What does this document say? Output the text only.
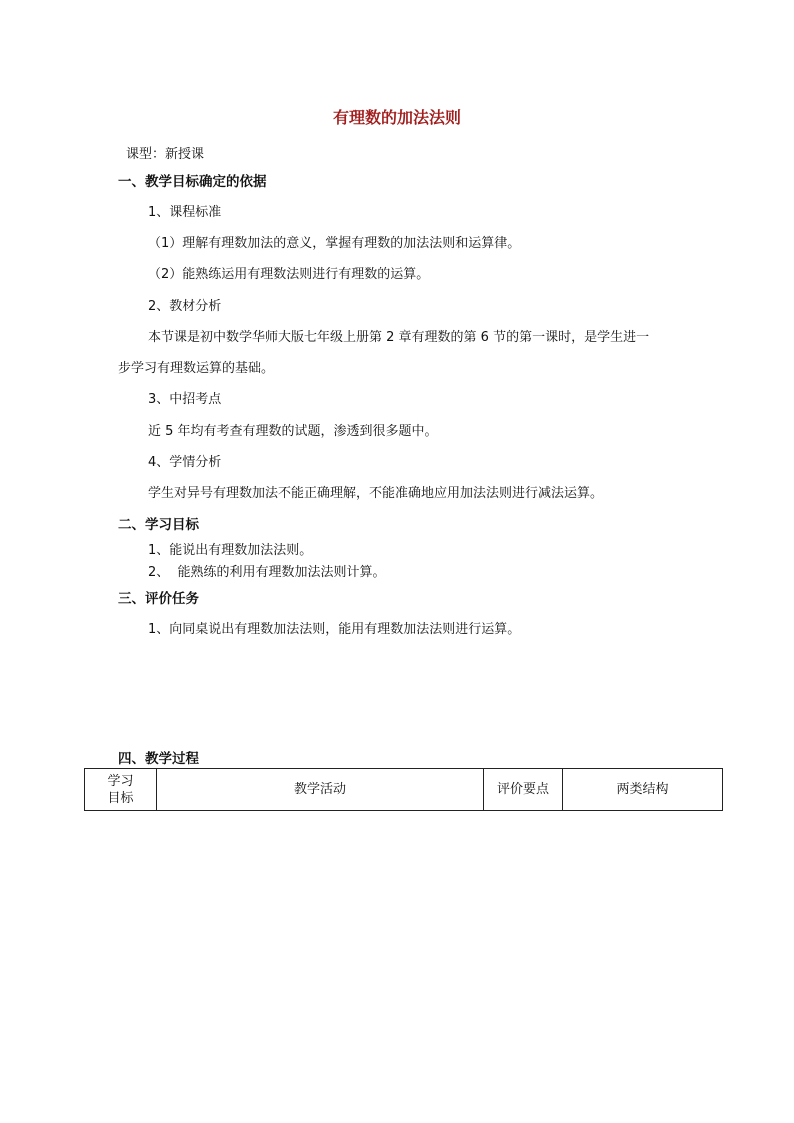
有理数的加法法则
课型：新授课
一、教学目标确定的依据
1、课程标准
（1）理解有理数加法的意义，掌握有理数的加法法则和运算律。
（2）能熟练运用有理数法则进行有理数的运算。
2、教材分析
本节课是初中数学华师大版七年级上册第 2 章有理数的第 6 节的第一课时，是学生进一
步学习有理数运算的基础。
3、中招考点
近 5 年均有考查有理数的试题，渗透到很多题中。
4、学情分析
学生对异号有理数加法不能正确理解，不能准确地应用加法法则进行减法运算。
二、学习目标
1、能说出有理数加法法则。
2、  能熟练的利用有理数加法法则计算。
三、评价任务
1、向同桌说出有理数加法法则，能用有理数加法法则进行运算。
四、教学过程
学习
目标
	教学活动	评价要点	两类结构
